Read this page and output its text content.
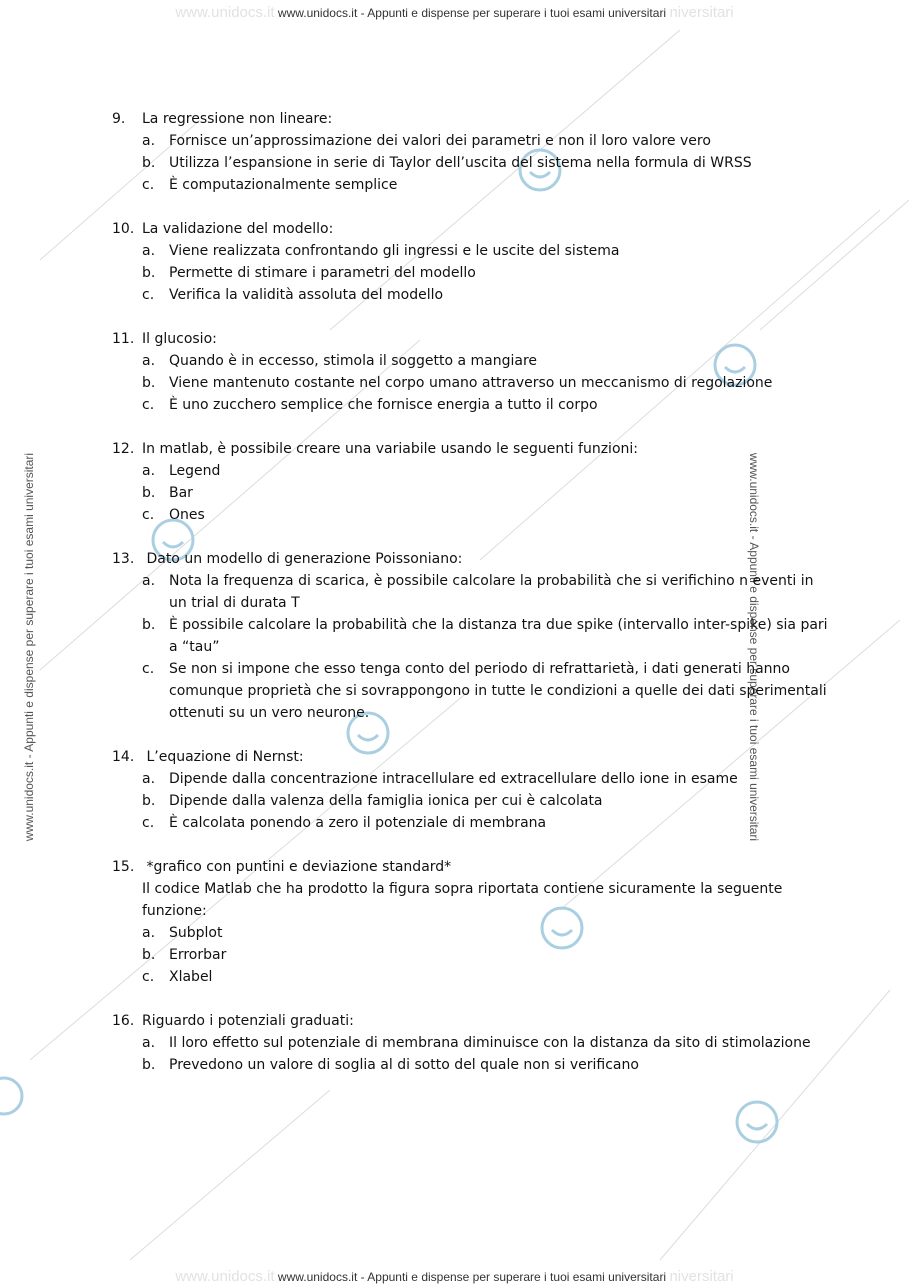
www.unidocs.it www.unidocs.it - Appunti e dispense per superare i tuoi esami universitari niversitari
www.unidocs.it www.unidocs.it - Appunti e dispense per superare i tuoi esami universitari niversitari
www.unidocs.it - Appunti e dispense per superare i tuoi esami universitari	www.unidocs.it - Appunti e dispense per superare i tuoi esami universitari
9.	La regressione non lineare:
a. Fornisce un’approssimazione dei valori dei parametri e non il loro valore vero
b. Utilizza l’espansione in serie di Taylor dell’uscita del sistema nella formula di WRSS
c.	È computazionalmente semplice
10. La validazione del modello:
a. Viene realizzata confrontando gli ingressi e le uscite del sistema
b. Permette di stimare i parametri del modello
c.	Verifica la validità assoluta del modello
11. Il glucosio:
a. Quando è in eccesso, stimola il soggetto a mangiare
b. Viene mantenuto costante nel corpo umano attraverso un meccanismo di regolazione
c.	È uno zucchero semplice che fornisce energia a tutto il corpo
12. In matlab, è possibile creare una variabile usando le seguenti funzioni:
a. Legend
b. Bar
c.	Ones
13. Dato un modello di generazione Poissoniano:
a. Nota la frequenza di scarica, è possibile calcolare la probabilità che si verifichino n eventi in un trial di durata T
b. È possibile calcolare la probabilità che la distanza tra due spike (intervallo inter-spike) sia pari a “tau”
c.	Se non si impone che esso tenga conto del periodo di refrattarietà, i dati generati hanno comunque proprietà che si sovrappongono in tutte le condizioni a quelle dei dati sperimentali ottenuti su un vero neurone.
14. L’equazione di Nernst:
a. Dipende dalla concentrazione intracellulare ed extracellulare dello ione in esame
b. Dipende dalla valenza della famiglia ionica per cui è calcolata
c.	È calcolata ponendo a zero il potenziale di membrana
15. *grafico con puntini e deviazione standard*
Il codice Matlab che ha prodotto la figura sopra riportata contiene sicuramente la seguente funzione:
a. Subplot
b. Errorbar
c.	Xlabel
16. Riguardo i potenziali graduati:
a. Il loro effetto sul potenziale di membrana diminuisce con la distanza da sito di stimolazione
b. Prevedono un valore di soglia al di sotto del quale non si verificano
